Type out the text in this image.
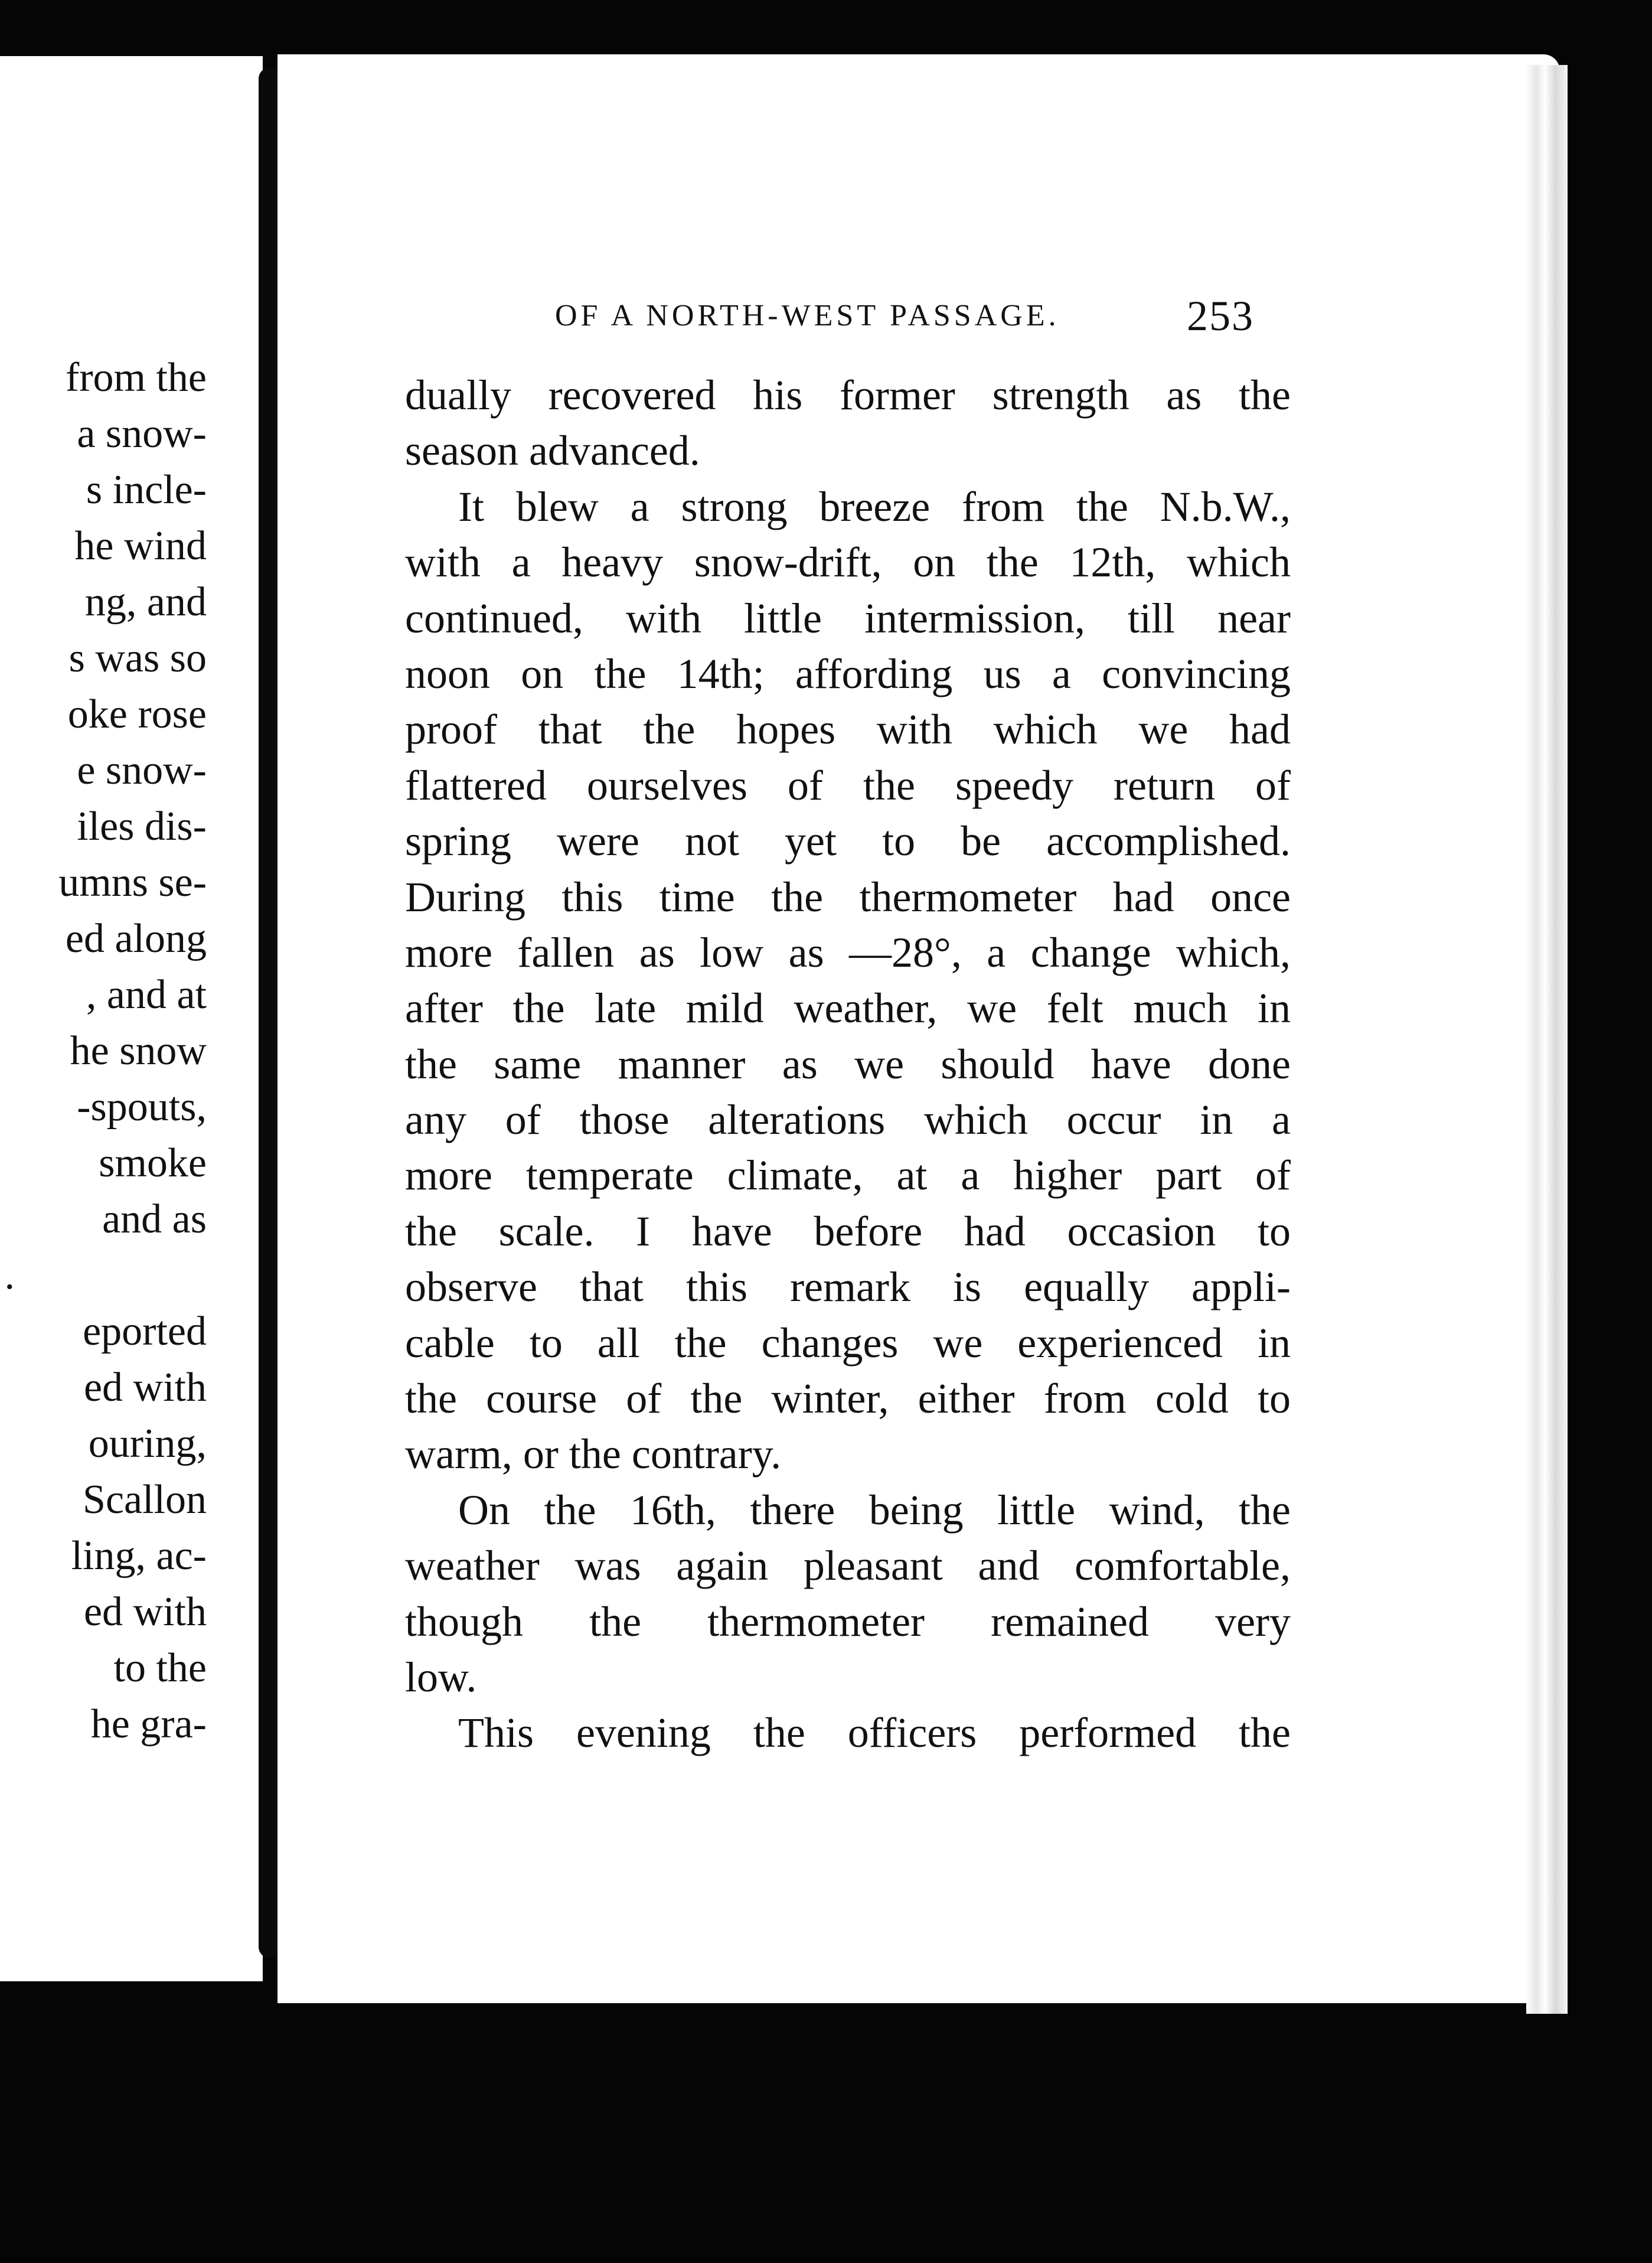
from the
a snow-
s incle-
he wind
ng, and
s was so
oke rose
e snow-
iles dis-
umns se-
ed along
, and at
he snow
-spouts,
smoke
and as
.
eported
ed with
ouring,
Scallon
ling, ac-
ed with
to the
he gra-
OF A NORTH-WEST PASSAGE.	253
dually recovered his former strength as the
season advanced.
It blew a strong breeze from the N.b.W.,
with a heavy snow-drift, on the 12th, which
continued, with little intermission, till near
noon on the 14th; affording us a convincing
proof that the hopes with which we had
flattered ourselves of the speedy return of
spring were not yet to be accomplished.
During this time the thermometer had once
more fallen as low as —28°, a change which,
after the late mild weather, we felt much in
the same manner as we should have done
any of those alterations which occur in a
more temperate climate, at a higher part of
the scale. I have before had occasion to
observe that this remark is equally appli-
cable to all the changes we experienced in
the course of the winter, either from cold to
warm, or the contrary.
On the 16th, there being little wind, the
weather was again pleasant and comfortable,
though the thermometer remained very
low.
This evening the officers performed the
